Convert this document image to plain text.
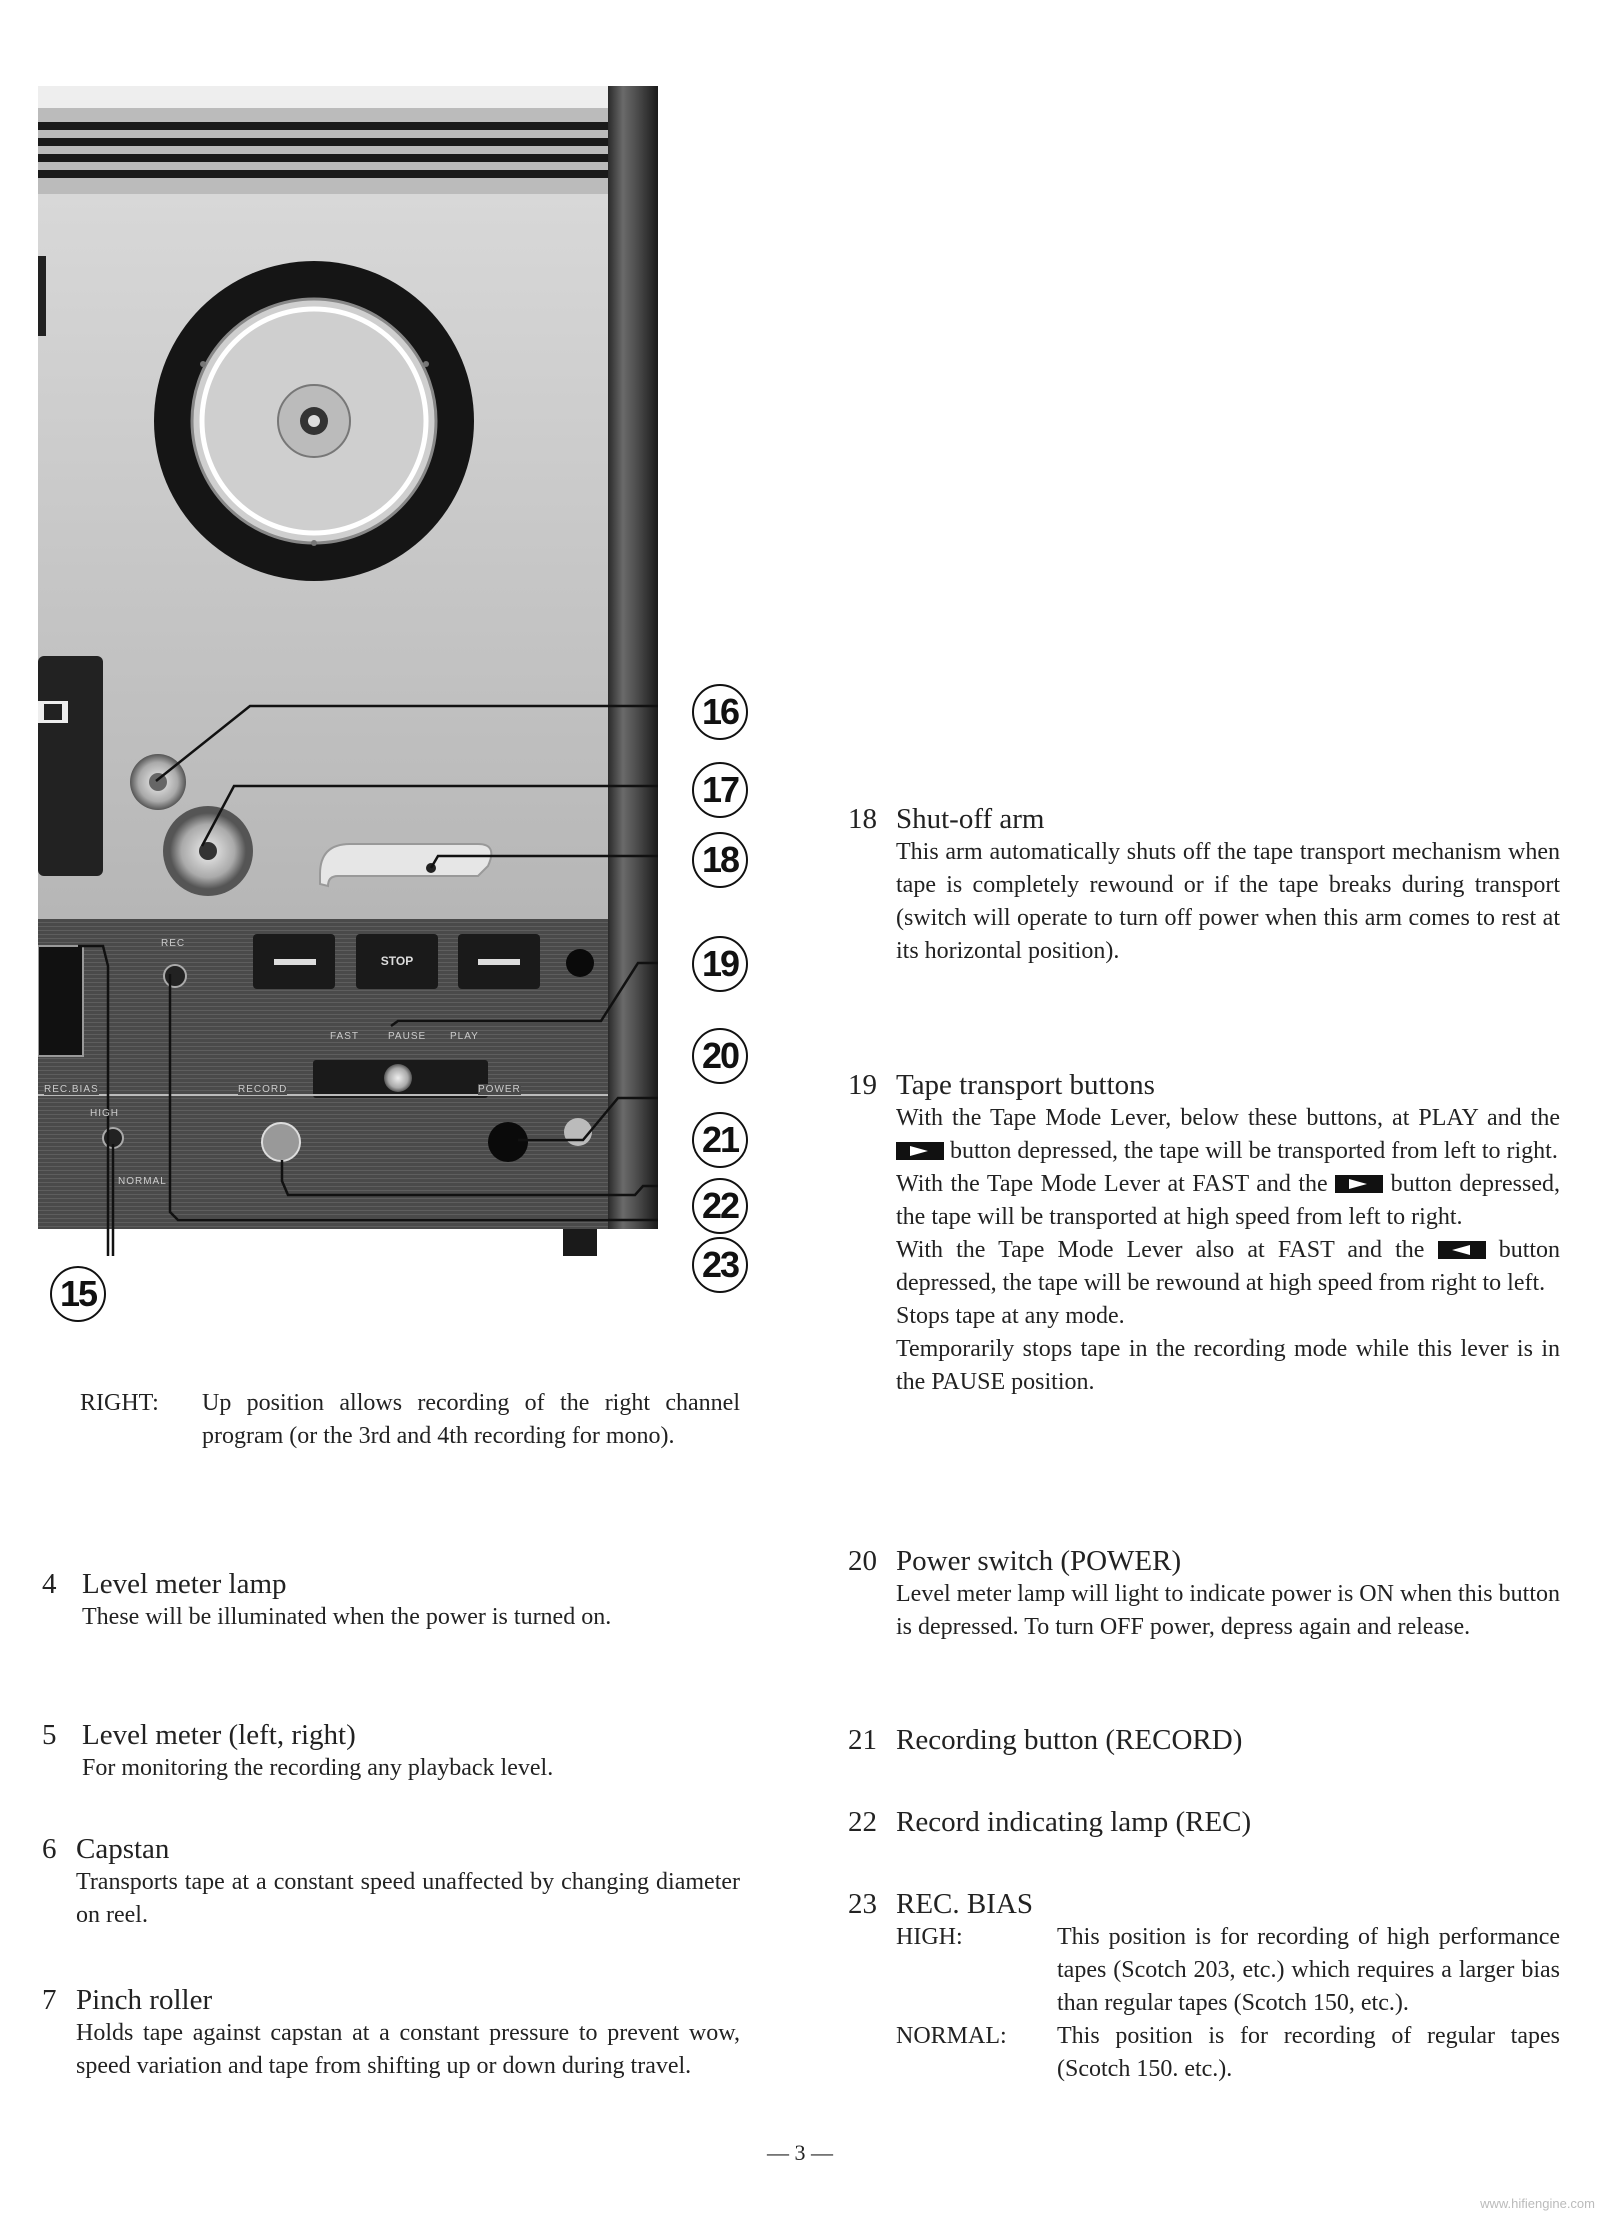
STOP
FAST	PAUSE PLAY
REC
REC.BIAS	RECORD	POWER
HIGH
NORMAL
16
17
18
19
20
21
22
23
15
RIGHT:	Up position allows recording of the right channel program (or the 3rd and 4th recording for mono).
4 Level meter lamp
These will be illuminated when the power is turned on.
5 Level meter (left, right)
For monitoring the recording any playback level.
6 Capstan
Transports tape at a constant speed unaffected by changing diameter on reel.
7 Pinch roller
Holds tape against capstan at a constant pressure to prevent wow, speed variation and tape from shifting up or down during travel.
18 Shut-off arm
This arm automatically shuts off the tape transport mechanism when tape is completely rewound or if the tape breaks during transport (switch will operate to turn off power when this arm comes to rest at its horizontal position).
19 Tape transport buttons
With the Tape Mode Lever, below these buttons, at PLAY and the  button depressed, the tape will be transported from left to right.
With the Tape Mode Lever at FAST and the	button depressed, the tape will be transported at high speed from left to right.
With the Tape Mode Lever also at FAST and the	button depressed, the tape will be rewound at high speed from right to left.
Stops tape at any mode.
Temporarily stops tape in the recording mode while this lever is in the PAUSE position.
20 Power switch (POWER)
Level meter lamp will light to indicate power is ON when this button is depressed. To turn OFF power, depress again and release.
21 Recording button (RECORD)
22 Record indicating lamp (REC)
23 REC. BIAS
HIGH:	This position is for recording of high performance tapes (Scotch 203, etc.) which requires a larger bias than regular tapes (Scotch 150, etc.).
NORMAL:	This position is for recording of regular tapes (Scotch 150. etc.).
— 3 —
www.hifiengine.com
